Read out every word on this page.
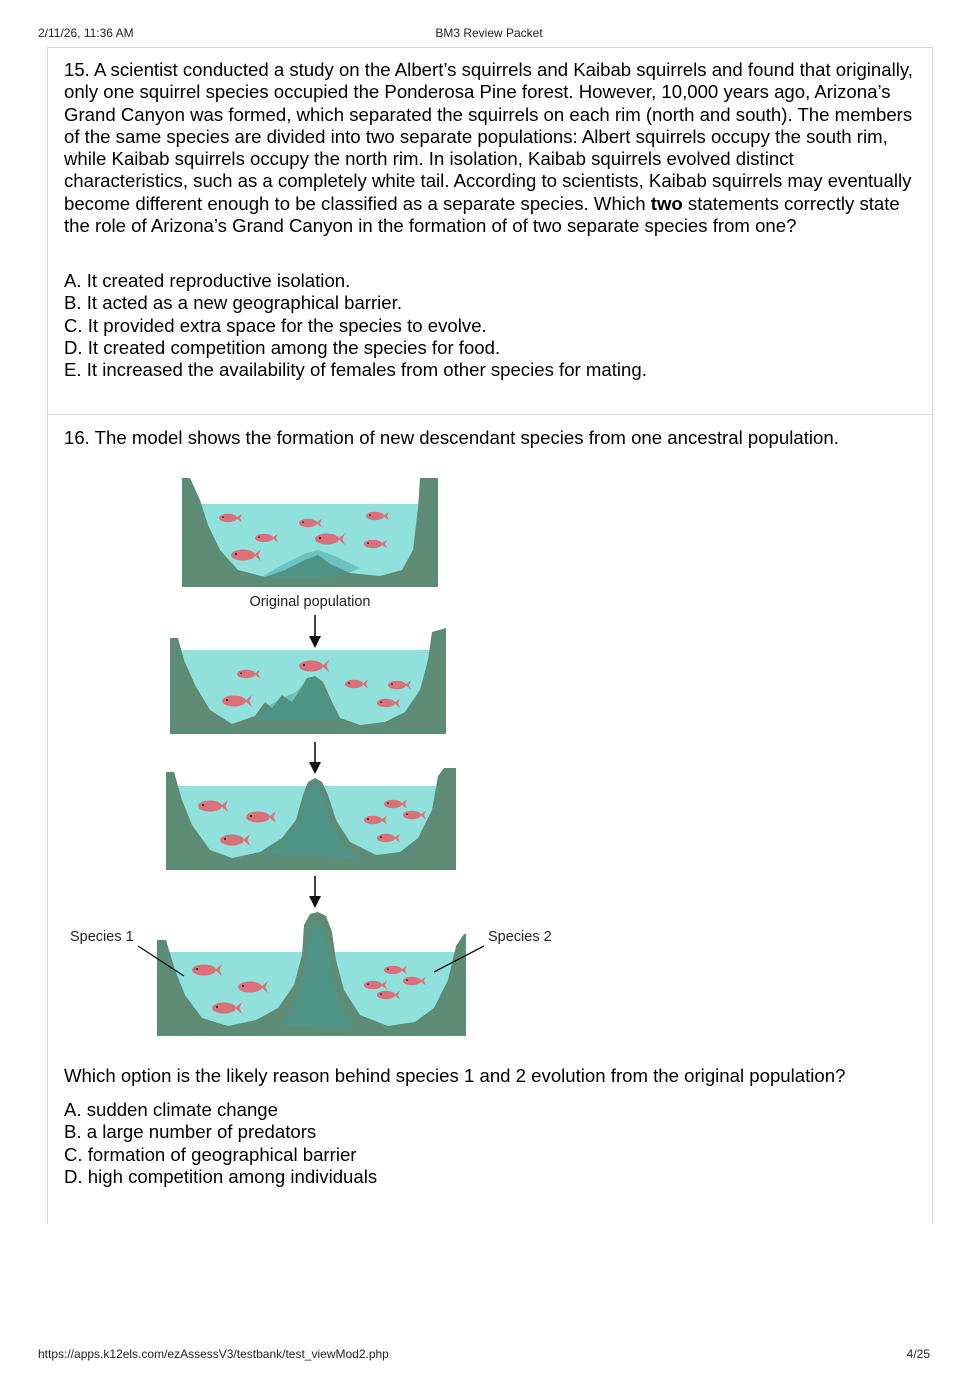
2/11/26, 11:36 AM	BM3 Review Packet
15. A scientist conducted a study on the Albert’s squirrels and Kaibab squirrels and found that originally, only one squirrel species occupied the Ponderosa Pine forest. However, 10,000 years ago, Arizona’s Grand Canyon was formed, which separated the squirrels on each rim (north and south). The members of the same species are divided into two separate populations: Albert squirrels occupy the south rim, while Kaibab squirrels occupy the north rim. In isolation, Kaibab squirrels evolved distinct characteristics, such as a completely white tail. According to scientists, Kaibab squirrels may eventually become different enough to be classified as a separate species. Which two statements correctly state the role of Arizona’s Grand Canyon in the formation of of two separate species from one?
A. It created reproductive isolation.
B. It acted as a new geographical barrier.
C. It provided extra space for the species to evolve.
D. It created competition among the species for food.
E. It increased the availability of females from other species for mating.
16. The model shows the formation of new descendant species from one ancestral population.
Original population
Species 1	Species 2
Which option is the likely reason behind species 1 and 2 evolution from the original population?
A. sudden climate change
B. a large number of predators
C. formation of geographical barrier
D. high competition among individuals
https://apps.k12els.com/ezAssessV3/testbank/test_viewMod2.php	4/25
